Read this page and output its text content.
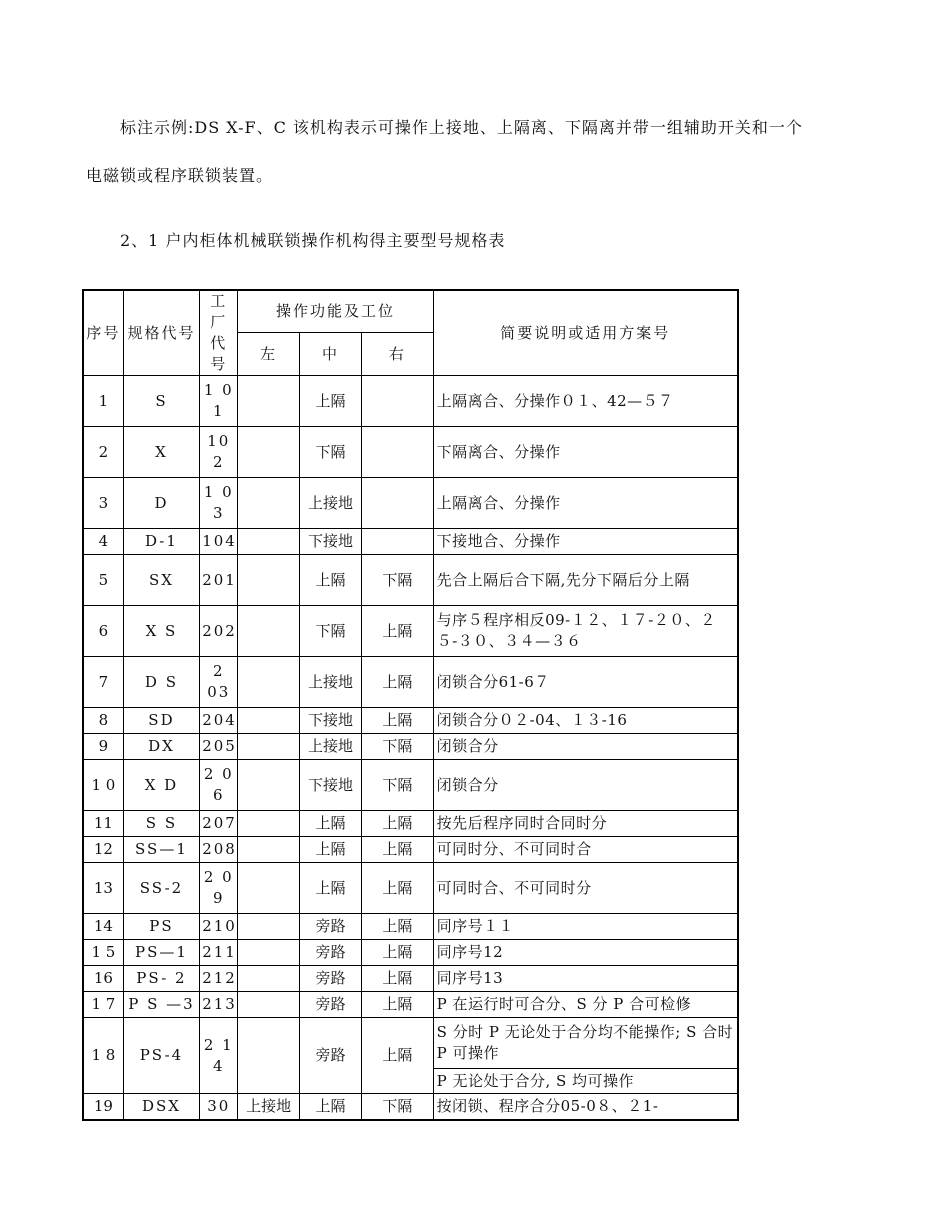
标注示例:DS X-F、C 该机构表示可操作上接地、上隔离、下隔离并带一组辅助开关和一个
电磁锁或程序联锁装置。
2、1 户内柜体机械联锁操作机构得主要型号规格表
序号	规格代号	工厂代号	操作功能及工位			简要说明或适用方案号
			左	中	右	
1	S	1 0 1		上隔		上隔离合、分操作０１、42—５７
2	X	10 2		下隔		下隔离合、分操作
3	D	1 0 3		上接地		上隔离合、分操作
4	D-1	104		下接地		下接地合、分操作
5	SX	201		上隔	下隔	先合上隔后合下隔,先分下隔后分上隔
6	X S	202		下隔	上隔	与序５程序相反09-１２、１７-２０、２５-３０、３４—３６
7	D S	2 03		上接地	上隔	闭锁合分61-6７
8	SD	204		下接地	上隔	闭锁合分０２-04、１３-16
9	DX	205		上接地	下隔	闭锁合分
1 0	X D	2 0 6		下接地	下隔	闭锁合分
11	S S	207		上隔	上隔	按先后程序同时合同时分
12	SS—1	208		上隔	上隔	可同时分、不可同时合
13	SS-2	2 0 9		上隔	上隔	可同时合、不可同时分
14	PS	210		旁路	上隔	同序号１１
1 5	PS—1	211		旁路	上隔	同序号12
16	PS- 2	212		旁路	上隔	同序号13
1 7	P S —3	213		旁路	上隔	P 在运行时可合分、S 分 P 合可检修
1 8	PS-4	2 1 4		旁路	上隔	S 分时 P 无论处于合分均不能操作; S 合时 P 可操作
						P 无论处于合分, S 均可操作
19	DSX	30	上接地	上隔	下隔	按闭锁、程序合分05-0８、２1-
